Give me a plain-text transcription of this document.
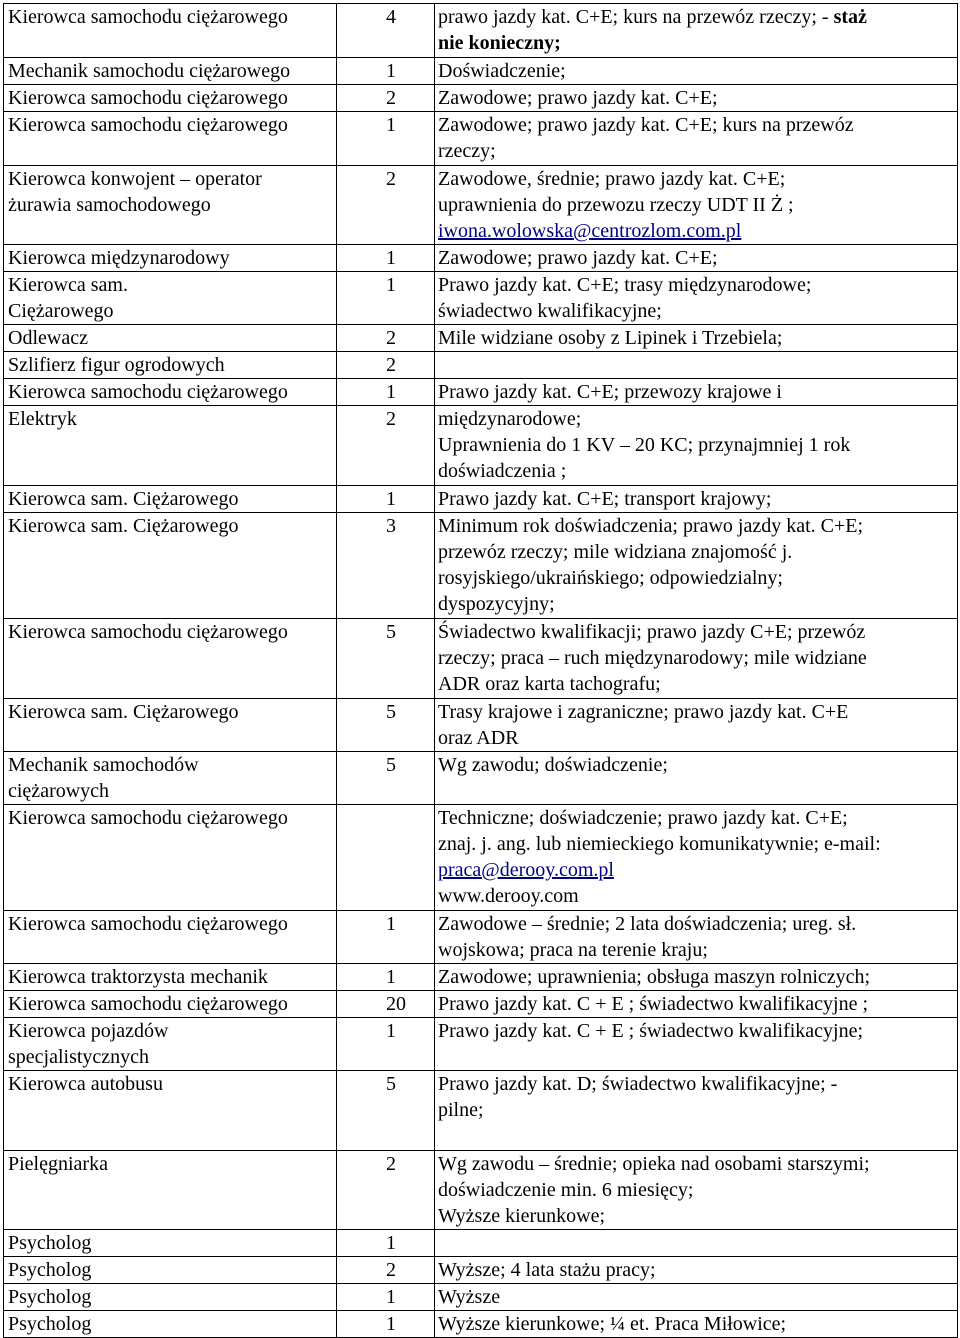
Kierowca samochodu ciężarowego	4	prawo jazdy kat. C+E; kurs na przewóz rzeczy; - staż
nie konieczny;

Mechanik samochodu ciężarowego	1	Doświadczenie;

Kierowca samochodu ciężarowego	2	Zawodowe; prawo jazdy kat. C+E;

Kierowca samochodu ciężarowego	1	Zawodowe; prawo jazdy kat. C+E; kurs na przewóz
rzeczy;

Kierowca konwojent – operator
żurawia samochodowego	2	Zawodowe, średnie; prawo jazdy kat. C+E;
uprawnienia do przewozu rzeczy UDT II Ż ;
iwona.wolowska@centrozlom.com.pl

Kierowca międzynarodowy	1	Zawodowe; prawo jazdy kat. C+E;

Kierowca sam.
Ciężarowego	1	Prawo jazdy kat. C+E; trasy międzynarodowe;
świadectwo kwalifikacyjne;

Odlewacz	2	Mile widziane osoby z Lipinek i Trzebiela;

Szlifierz figur ogrodowych	2	

Kierowca samochodu ciężarowego	1	Prawo jazdy kat. C+E; przewozy krajowe i

Elektryk	2	międzynarodowe;
Uprawnienia do 1 KV – 20 KC; przynajmniej 1 rok
doświadczenia ;

Kierowca sam. Ciężarowego	1	Prawo jazdy kat. C+E; transport krajowy;

Kierowca sam. Ciężarowego	3	Minimum rok doświadczenia; prawo jazdy kat. C+E;
przewóz rzeczy; mile widziana znajomość j.
rosyjskiego/ukraińskiego; odpowiedzialny;
dyspozycyjny;

Kierowca samochodu ciężarowego	5	Świadectwo kwalifikacji; prawo jazdy C+E; przewóz
rzeczy; praca – ruch międzynarodowy; mile widziane
ADR oraz karta tachografu;

Kierowca sam. Ciężarowego	5	Trasy krajowe i zagraniczne; prawo jazdy kat. C+E
oraz ADR

Mechanik samochodów
ciężarowych	5	Wg zawodu; doświadczenie;

Kierowca samochodu ciężarowego		Techniczne; doświadczenie; prawo jazdy kat. C+E;
znaj. j. ang. lub niemieckiego komunikatywnie; e-mail:
praca@derooy.com.pl
www.derooy.com

Kierowca samochodu ciężarowego	1	Zawodowe – średnie; 2 lata doświadczenia; ureg. sł.
wojskowa; praca na terenie kraju;

Kierowca traktorzysta mechanik	1	Zawodowe; uprawnienia; obsługa maszyn rolniczych;

Kierowca samochodu ciężarowego	20	Prawo jazdy kat. C + E ; świadectwo kwalifikacyjne ;

Kierowca pojazdów
specjalistycznych	1	Prawo jazdy kat. C + E ; świadectwo kwalifikacyjne;

Kierowca autobusu	5	Prawo jazdy kat. D; świadectwo kwalifikacyjne; -
pilne;

Pielęgniarka	2	Wg zawodu – średnie; opieka nad osobami starszymi;
doświadczenie min. 6 miesięcy;
Wyższe kierunkowe;

Psycholog	1	

Psycholog	2	Wyższe; 4 lata stażu pracy;

Psycholog	1	Wyższe

Psycholog	1	Wyższe kierunkowe; ¼ et. Praca Miłowice;
